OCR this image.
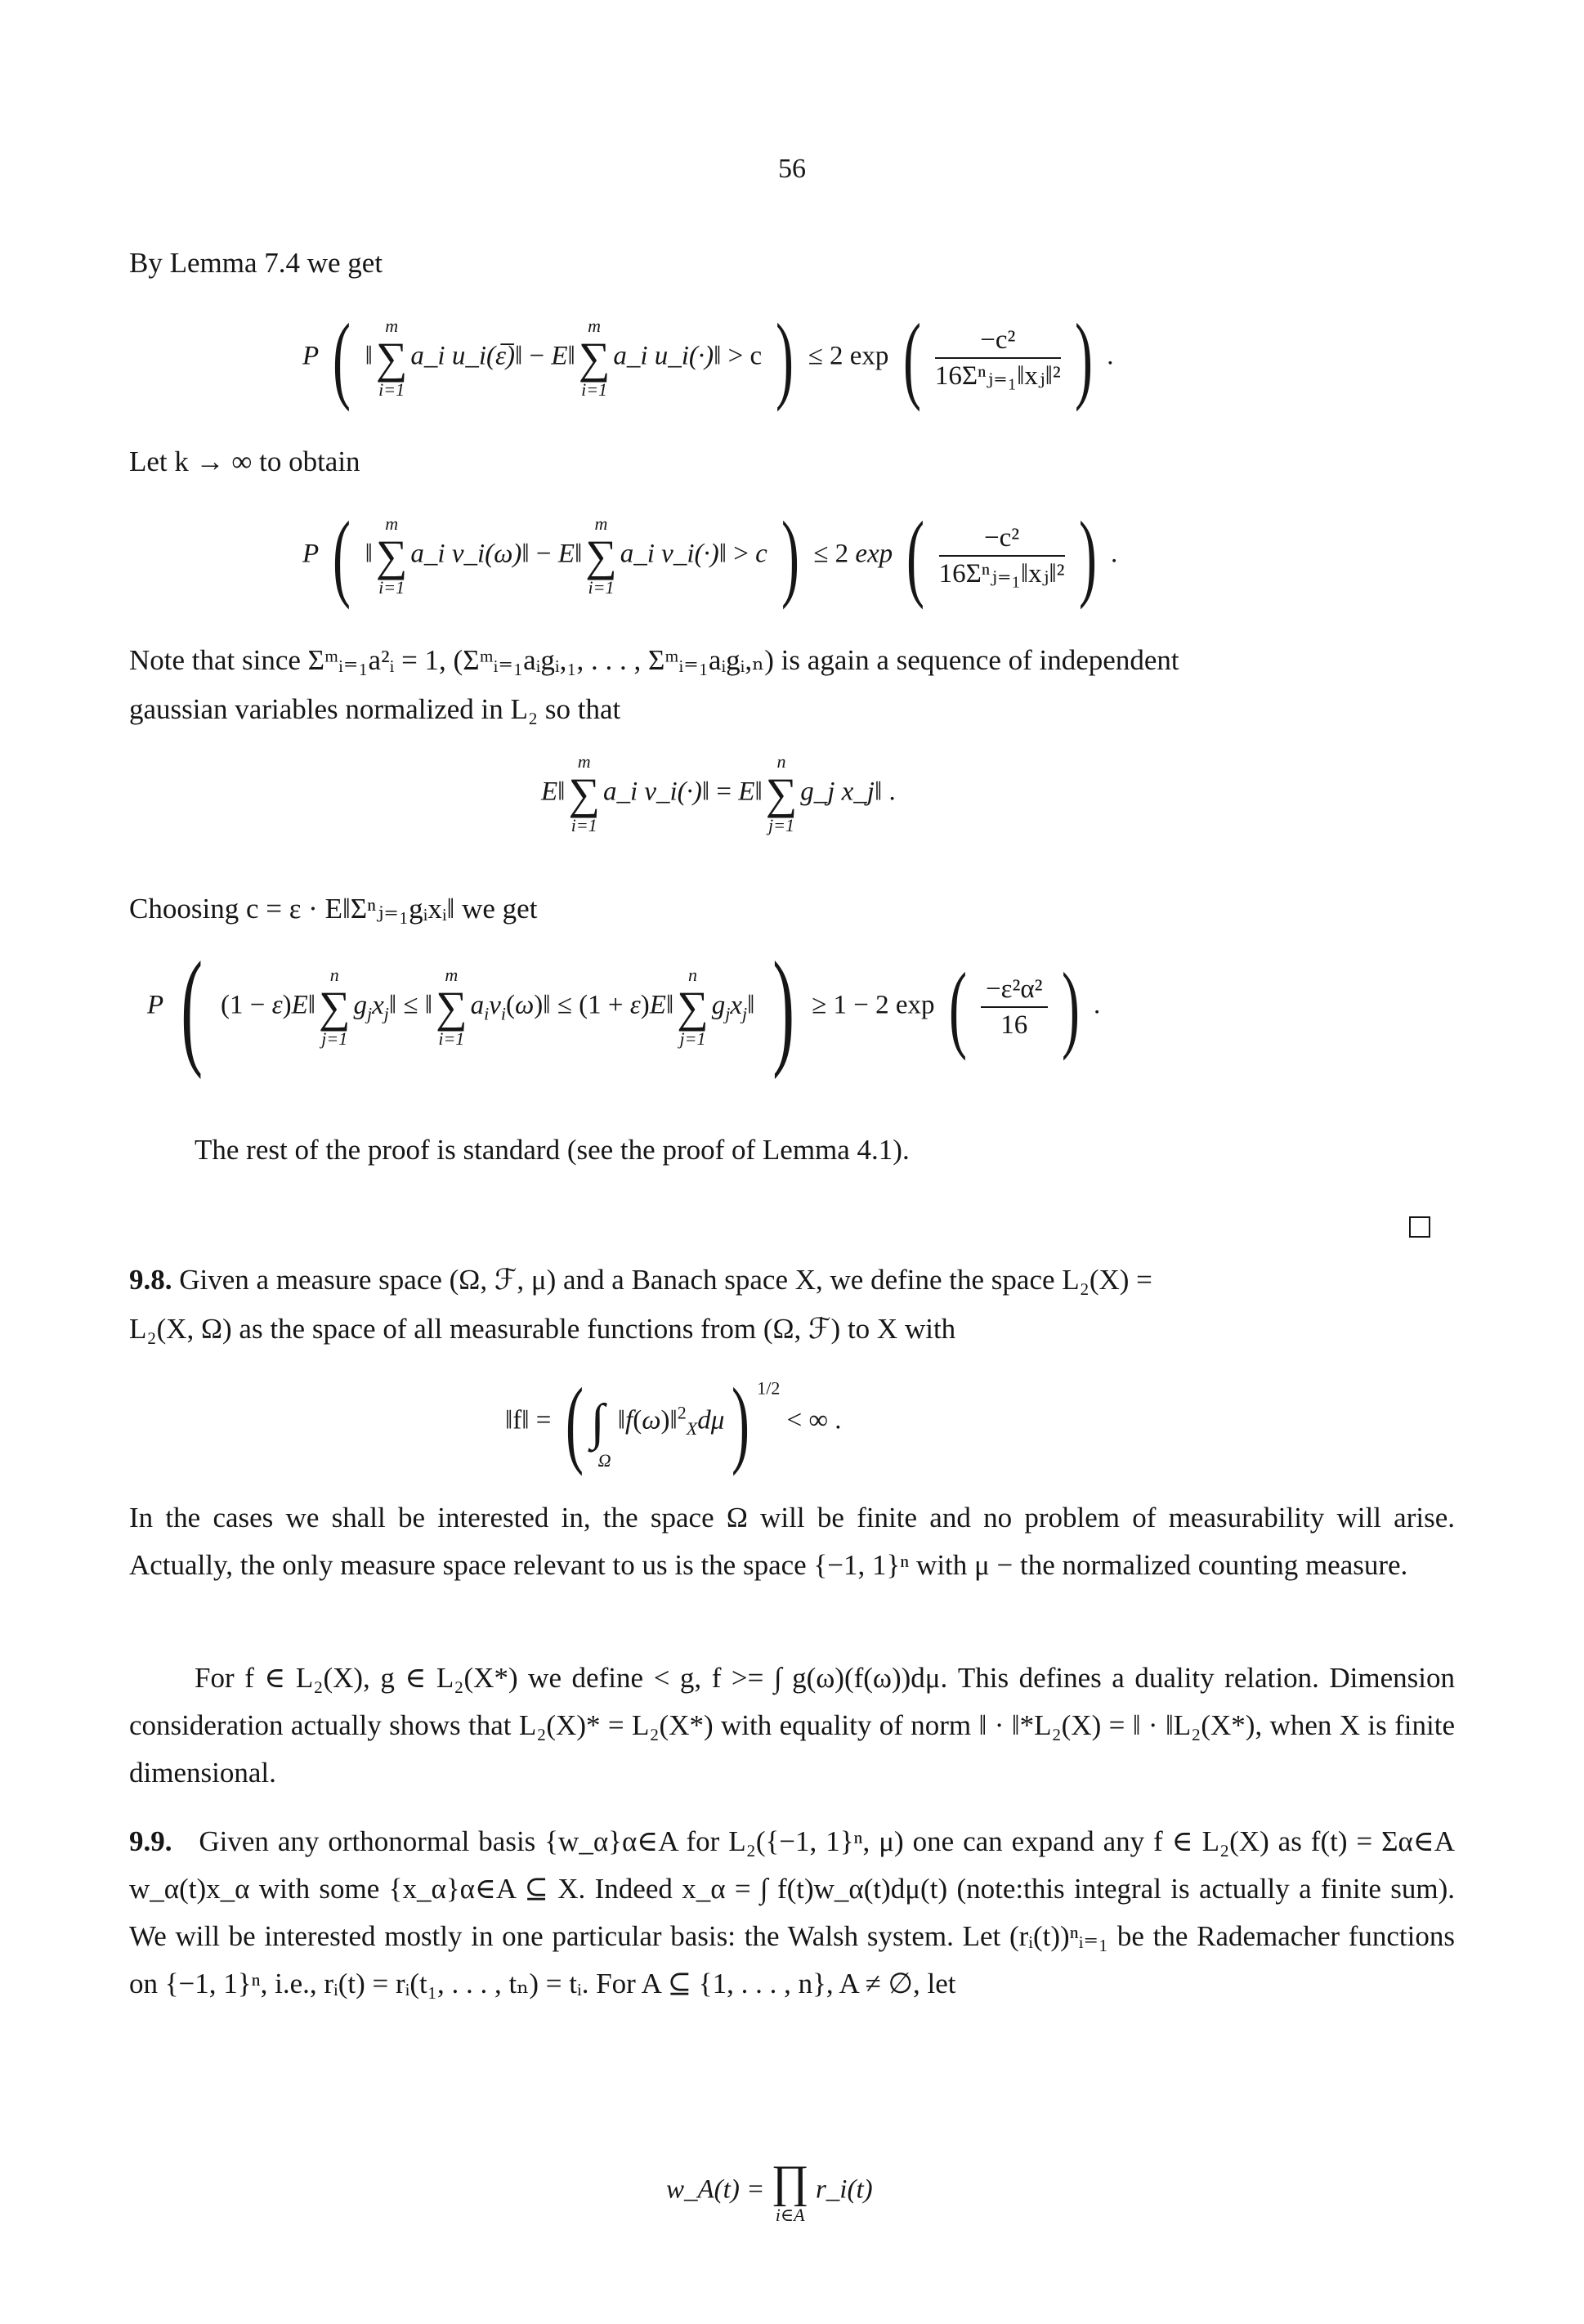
56
By Lemma 7.4 we get
P ( ‖
m
∑
i=1
a_i u_i(ε̅)‖ − E‖
m
∑
i=1
a_i u_i(·)‖ > c ) ≤ 2 exp ( $\frac{\text{−c²}}{\text{16Σⁿⱼ₌₁‖xⱼ‖²}}$ ) .
Let k → ∞ to obtain
P ( ‖
m
∑
i=1
a_i v_i(ω)‖ − E‖
m
∑
i=1
a_i v_i(·)‖ > c ) ≤ 2 exp ( $\frac{\text{−c²}}{\text{16Σⁿⱼ₌₁‖xⱼ‖²}}$ ) .
Note that since Σᵐᵢ₌₁a²ᵢ = 1, (Σᵐᵢ₌₁aᵢgᵢ,₁, . . . , Σᵐᵢ₌₁aᵢgᵢ,ₙ) is again a sequence of independent
gaussian variables normalized in L₂ so that
E‖
m
∑
i=1
a_i v_i(·)‖ = E‖
n
∑
j=1
g_j x_j‖ .
Choosing c = ε · E‖Σⁿⱼ₌₁gᵢxᵢ‖ we get
P ( (1 − ε)E‖
n
∑
j=1
$g_jx_j‖$ ≤ ‖
m
∑
i=1
$a_iv_i(\omega)‖ \le (1$ + ε)E‖
n
∑
j=1
$g_jx_j‖$ ) ≥ 1 − 2 exp ( $\frac{\text{−ε²α²}}{16}$ ) .
The rest of the proof is standard (see the proof of Lemma 4.1).
9.8. Given a measure space (Ω, ℱ, μ) and a Banach space X, we define the space L₂(X) =
L₂(X, Ω) as the space of all measurable functions from (Ω, ℱ) to X with
‖f‖ = ( ∫Ω ‖f(ω)‖$^2_X$dμ) $^{1/2}$ < ∞ .

In the cases we shall be interested in, the space Ω will be finite and no problem of measurability will arise. Actually, the only measure space relevant to us is the space {−1, 1}ⁿ with μ − the normalized counting measure.

For f ∈ L₂(X), g ∈ L₂(X*) we define < g, f >= ∫ g(ω)(f(ω))dμ. This defines a duality relation. Dimension consideration actually shows that L₂(X)* = L₂(X*) with equality of norm ‖ · ‖*L₂(X) = ‖ · ‖L₂(X*), when X is finite dimensional.

9.9. Given any orthonormal basis {w_α}α∈A for L₂({−1, 1}ⁿ, μ) one can expand any f ∈ L₂(X) as f(t) = Σα∈A w_α(t)x_α with some {x_α}α∈A ⊆ X. Indeed x_α = ∫ f(t)w_α(t)dμ(t) (note:this integral is actually a finite sum). We will be interested mostly in one particular basis: the Walsh system. Let (rᵢ(t))ⁿᵢ₌₁ be the Rademacher functions on {−1, 1}ⁿ, i.e., rᵢ(t) = rᵢ(t₁, . . . , tₙ) = tᵢ. For A ⊆ {1, . . . , n}, A ≠ ∅, let

w_A(t) = ∏
i∈A
r_i(t)
